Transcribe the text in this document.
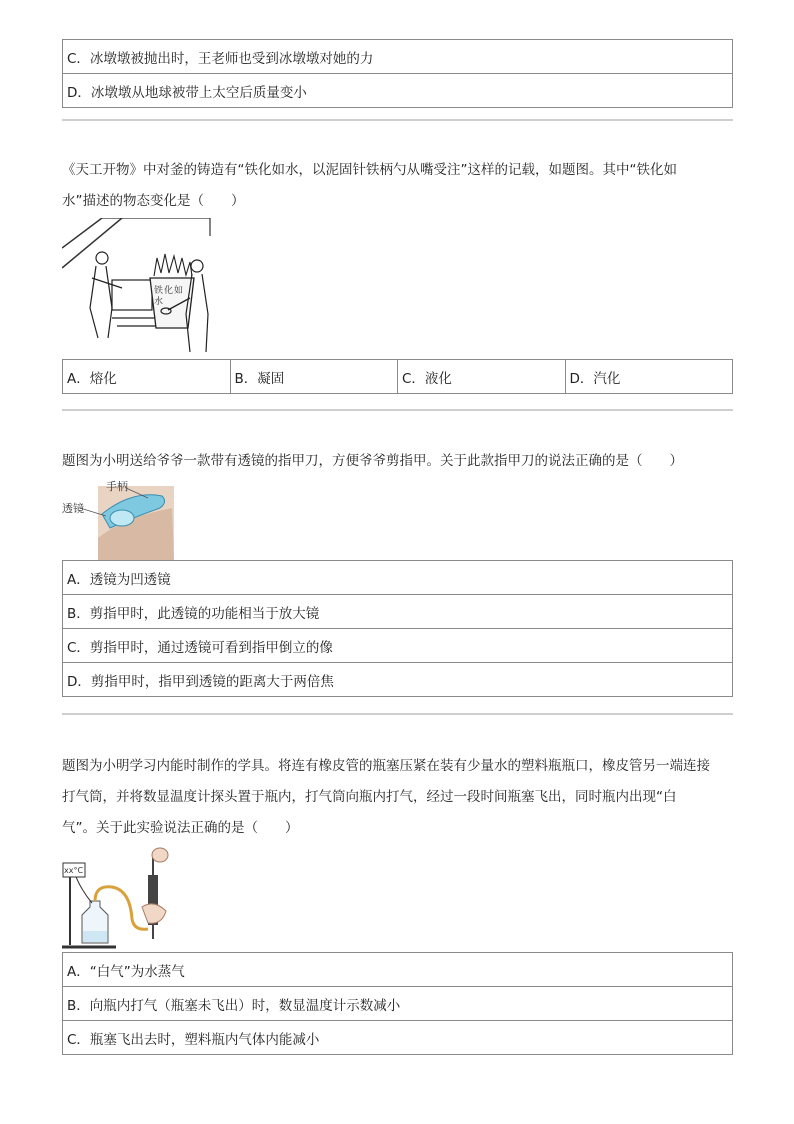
C．冰墩墩被抛出时，王老师也受到冰墩墩对她的力
D．冰墩墩从地球被带上太空后质量变小
《天工开物》中对釜的铸造有“铁化如水，以泥固针铁柄勺从嘴受注”这样的记载，如题图。其中“铁化如
水”描述的物态变化是（　　）
铁化如水
A．熔化	B．凝固	C．液化	D．汽化
题图为小明送给爷爷一款带有透镜的指甲刀，方便爷爷剪指甲。关于此款指甲刀的说法正确的是（　　）
手柄
透镜
A．透镜为凹透镜
B．剪指甲时，此透镜的功能相当于放大镜
C．剪指甲时，通过透镜可看到指甲倒立的像
D．剪指甲时，指甲到透镜的距离大于两倍焦
题图为小明学习内能时制作的学具。将连有橡皮管的瓶塞压紧在装有少量水的塑料瓶瓶口，橡皮管另一端连接
打气筒，并将数显温度计探头置于瓶内，打气筒向瓶内打气，经过一段时间瓶塞飞出，同时瓶内出现“白
气”。关于此实验说法正确的是（　　）
xx°C
A．“白气”为水蒸气
B．向瓶内打气（瓶塞未飞出）时，数显温度计示数减小
C．瓶塞飞出去时，塑料瓶内气体内能减小
